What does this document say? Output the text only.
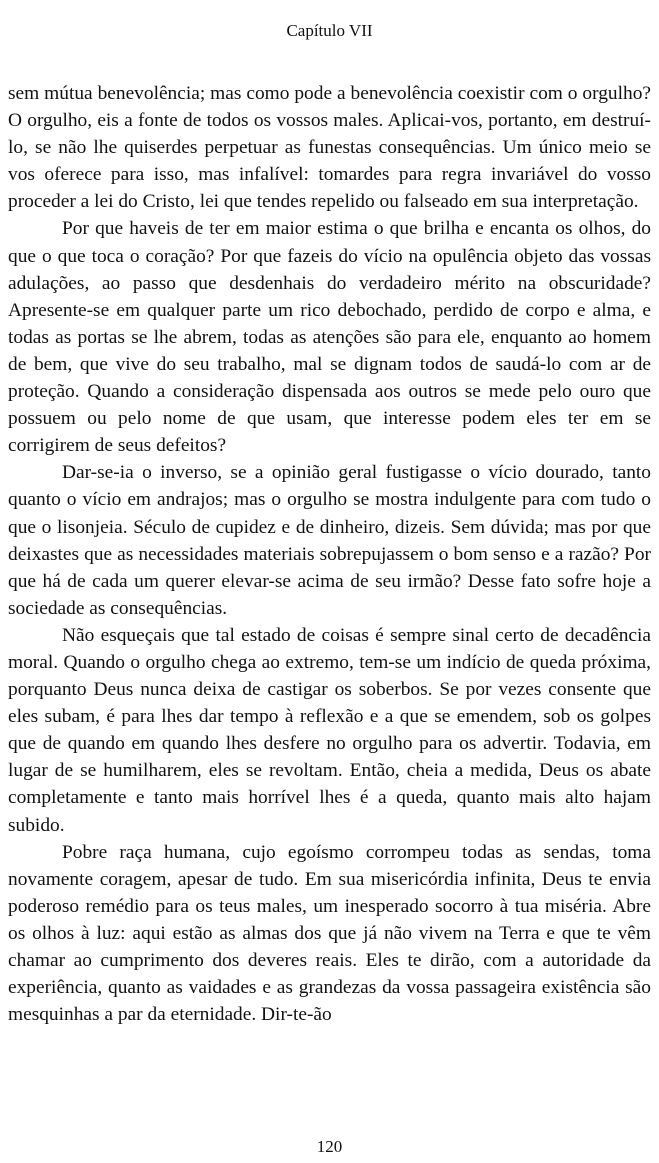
Capítulo VII

sem mútua benevolência; mas como pode a benevolência coexistir com o orgulho? O orgulho, eis a fonte de todos os vossos males. Aplicai-vos, portanto, em destruí-lo, se não lhe quiserdes perpetuar as funestas consequências. Um único meio se vos oferece para isso, mas infalível: tomardes para regra invariável do vosso proceder a lei do Cristo, lei que tendes repelido ou falseado em sua interpretação.

Por que haveis de ter em maior estima o que brilha e encanta os olhos, do que o que toca o coração? Por que fazeis do vício na opulência objeto das vossas adulações, ao passo que desdenhais do verdadeiro mérito na obscuridade? Apresente-se em qualquer parte um rico debochado, perdido de corpo e alma, e todas as portas se lhe abrem, todas as atenções são para ele, enquanto ao homem de bem, que vive do seu trabalho, mal se dignam todos de saudá-lo com ar de proteção. Quando a consideração dispensada aos outros se mede pelo ouro que possuem ou pelo nome de que usam, que interesse podem eles ter em se corrigirem de seus defeitos?

Dar-se-ia o inverso, se a opinião geral fustigasse o vício dourado, tanto quanto o vício em andrajos; mas o orgulho se mostra indulgente para com tudo o que o lisonjeia. Século de cupidez e de dinheiro, dizeis. Sem dúvida; mas por que deixastes que as necessidades materiais sobrepujassem o bom senso e a razão? Por que há de cada um querer elevar-se acima de seu irmão? Desse fato sofre hoje a sociedade as consequências.

Não esqueçais que tal estado de coisas é sempre sinal certo de decadência moral. Quando o orgulho chega ao extremo, tem-se um indício de queda próxima, porquanto Deus nunca deixa de castigar os soberbos. Se por vezes consente que eles subam, é para lhes dar tempo à reflexão e a que se emendem, sob os golpes que de quando em quando lhes desfere no orgulho para os advertir. Todavia, em lugar de se humilharem, eles se revoltam. Então, cheia a medida, Deus os abate completamente e tanto mais horrível lhes é a queda, quanto mais alto hajam subido.

Pobre raça humana, cujo egoísmo corrompeu todas as sendas, toma novamente coragem, apesar de tudo. Em sua misericórdia infinita, Deus te envia poderoso remédio para os teus males, um inesperado socorro à tua miséria. Abre os olhos à luz: aqui estão as almas dos que já não vivem na Terra e que te vêm chamar ao cumprimento dos deveres reais. Eles te dirão, com a autoridade da experiência, quanto as vaidades e as grandezas da vossa passageira existência são mesquinhas a par da eternidade. Dir-te-ão

120
